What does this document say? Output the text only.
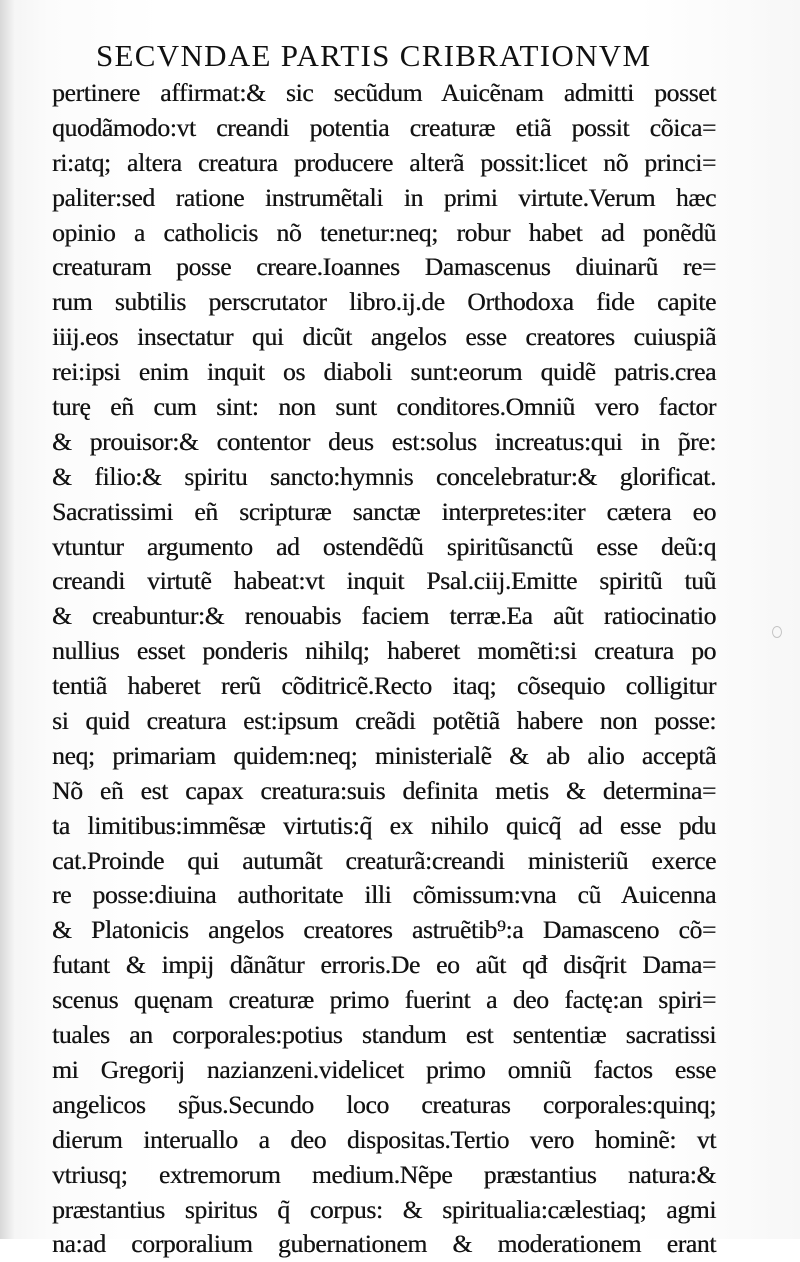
SECVNDAE PARTIS CRIBRATIONVM
pertinere affirmat:& sic secũdum Auicẽnam admitti posset
quodãmodo:vt creandi potentia creaturæ etiã possit cõica=
ri:atq; altera creatura producere alterã possit:licet nõ princi=
paliter:sed ratione instrumẽtali in primi virtute.Verum hæc
opinio a catholicis nõ tenetur:neq; robur habet ad ponẽdũ
creaturam posse creare.Ioannes Damascenus diuinarũ re=
rum subtilis perscrutator libro.ij.de Orthodoxa fide capite
iiij.eos insectatur qui dicũt angelos esse creatores cuiuspiã
rei:ipsi enim inquit os diaboli sunt:eorum quidẽ patris.crea
turę eñ cum sint: non sunt conditores.Omniũ vero factor
& prouisor:& contentor deus est:solus increatus:qui in p̃re:
& filio:& spiritu sancto:hymnis concelebratur:& glorificat.
Sacratissimi eñ scripturæ sanctæ interpretes:iter cætera eo
vtuntur argumento ad ostendẽdũ spiritũsanctũ esse deũ:q
creandi virtutẽ habeat:vt inquit Psal.ciij.Emitte spiritũ tuũ
& creabuntur:& renouabis faciem terræ.Ea aũt ratiocinatio
nullius esset ponderis nihilq; haberet momẽti:si creatura po
tentiã haberet rerũ cõditricẽ.Recto itaq; cõsequio colligitur
si quid creatura est:ipsum creãdi potẽtiã habere non posse:
neq; primariam quidem:neq; ministerialẽ & ab alio acceptã
Nõ eñ est capax creatura:suis definita metis & determina=
ta limitibus:immẽsæ virtutis:q̃ ex nihilo quicq̃ ad esse pdu
cat.Proinde qui autumãt creaturã:creandi ministeriũ exerce
re posse:diuina authoritate illi cõmissum:vna cũ Auicenna
& Platonicis angelos creatores astruẽtib⁹:a Damasceno cõ=
futant & impij dãnãtur erroris.De eo aũt qđ disq̃rit Dama=
scenus quęnam creaturæ primo fuerint a deo factę:an spiri=
tuales an corporales:potius standum est sententiæ sacratissi
mi Gregorij nazianzeni.videlicet primo omniũ factos esse
angelicos sp̃us.Secundo loco creaturas corporales:quinq;
dierum interuallo a deo dispositas.Tertio vero hominẽ: vt
vtriusq; extremorum medium.Nẽpe præstantius natura:&
præstantius spiritus q̃ corpus: & spiritualia:cælestiaq; agmi
na:ad corporalium gubernationem & moderationem erant
